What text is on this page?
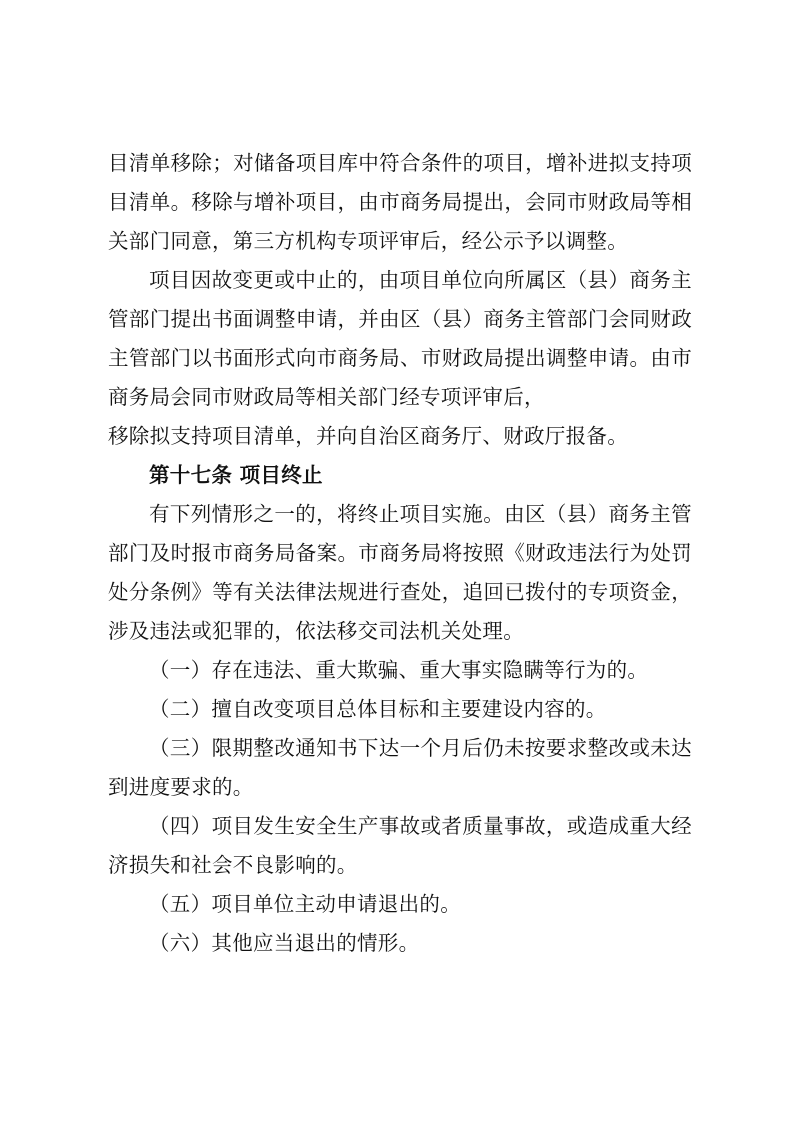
目清单移除；对储备项目库中符合条件的项目，增补进拟支持项
目清单。移除与增补项目，由市商务局提出，会同市财政局等相
关部门同意，第三方机构专项评审后，经公示予以调整。
项目因故变更或中止的，由项目单位向所属区（县）商务主
管部门提出书面调整申请，并由区（县）商务主管部门会同财政
主管部门以书面形式向市商务局、市财政局提出调整申请。由市
商务局会同市财政局等相关部门经专项评审后，
移除拟支持项目清单，并向自治区商务厅、财政厅报备。
第十七条 项目终止
有下列情形之一的，将终止项目实施。由区（县）商务主管
部门及时报市商务局备案。市商务局将按照《财政违法行为处罚
处分条例》等有关法律法规进行查处，追回已拨付的专项资金，
涉及违法或犯罪的，依法移交司法机关处理。
（一）存在违法、重大欺骗、重大事实隐瞒等行为的。
（二）擅自改变项目总体目标和主要建设内容的。
（三）限期整改通知书下达一个月后仍未按要求整改或未达
到进度要求的。
（四）项目发生安全生产事故或者质量事故，或造成重大经
济损失和社会不良影响的。
（五）项目单位主动申请退出的。
（六）其他应当退出的情形。
